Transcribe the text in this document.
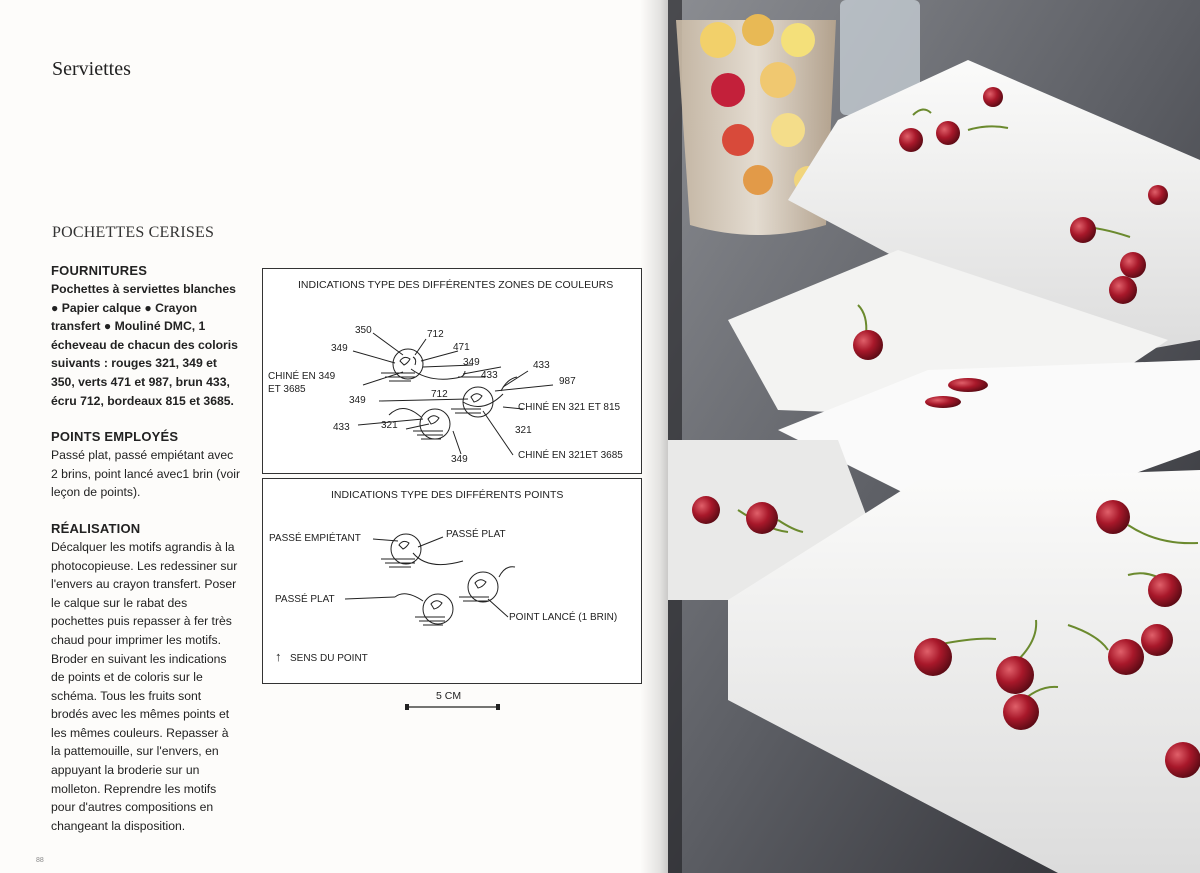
Serviettes
POCHETTES CERISES
FOURNITURES

Pochettes à serviettes blanches ● Papier calque ● Crayon transfert ● Mouliné DMC, 1 écheveau de chacun des coloris suivants : rouges 321, 349 et 350, verts 471 et 987, brun 433, écru 712, bordeaux 815 et 3685.

POINTS EMPLOYÉS

Passé plat, passé empiétant avec 2 brins, point lancé avec1 brin (voir leçon de points).

RÉALISATION

Décalquer les motifs agrandis à la photocopieuse. Les redessiner sur l'envers au crayon transfert. Poser le calque sur le rabat des pochettes puis repasser à fer très chaud pour imprimer les motifs.

Broder en suivant les indications de points et de coloris sur le schéma. Tous les fruits sont brodés avec les mêmes points et les mêmes couleurs. Repasser à la pattemouille, sur l'envers, en appuyant la broderie sur un molleton. Reprendre les motifs pour d'autres compositions en changeant la disposition.

INDICATIONS TYPE DES DIFFÉRENTES ZONES DE COULEURS
350	712
349	471
349
433
433
CHINÉ EN 349
ET 3685
987
712
349
CHINÉ EN 321 ET 815
433	321	321
349	CHINÉ EN 321ET 3685
INDICATIONS TYPE DES DIFFÉRENTS POINTS
PASSÉ EMPIÉTANT	PASSÉ PLAT
PASSÉ PLAT
POINT LANCÉ (1 BRIN)
↑ SENS DU POINT
5 CM
88
